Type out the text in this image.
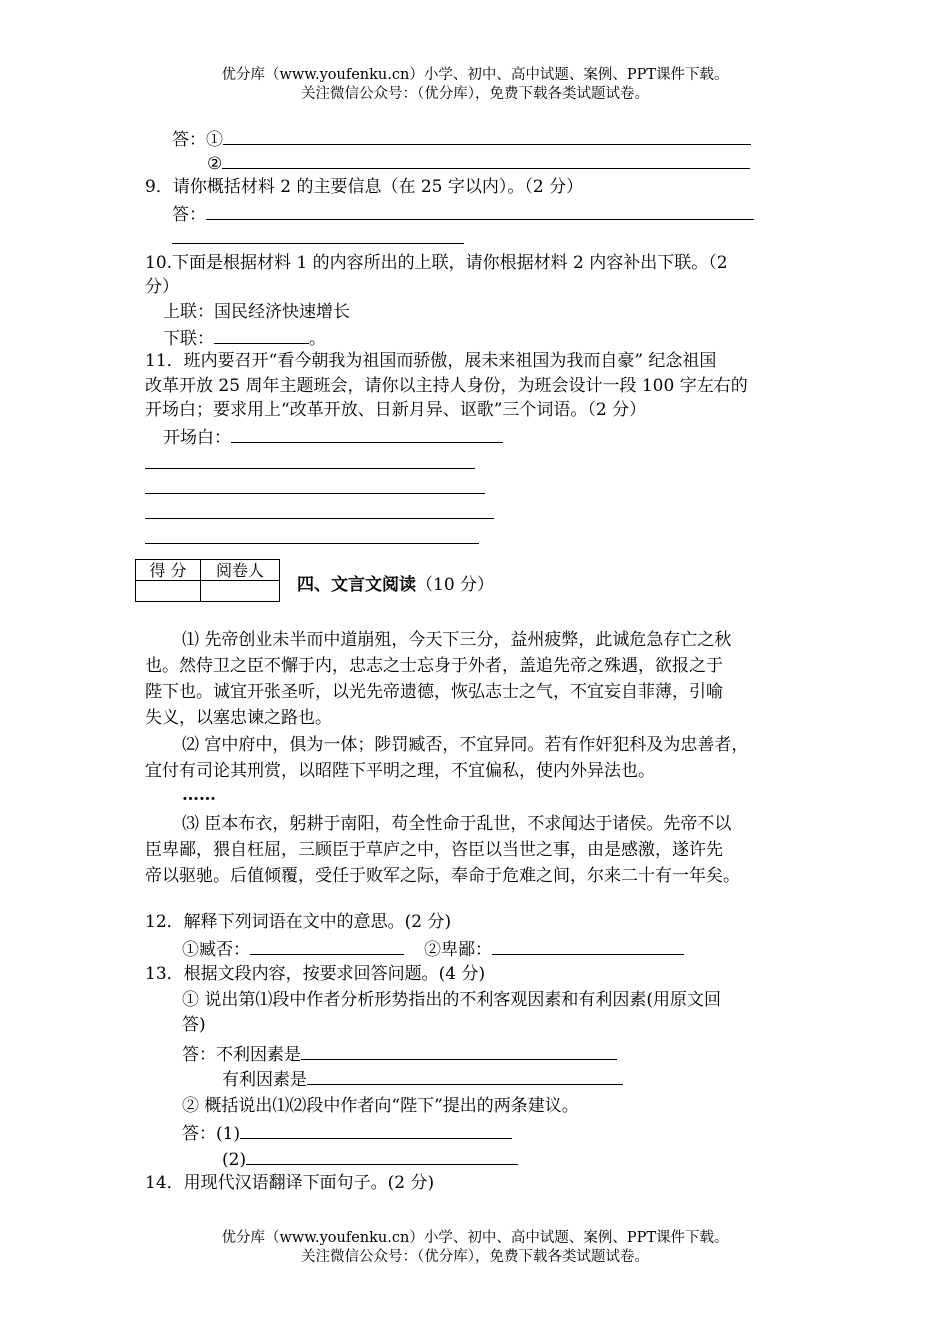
优分库（www.youfenku.cn）小学、初中、高中试题、案例、PPT课件下载。
关注微信公众号：（优分库），免费下载各类试题试卷。
答：①
②
9．请你概括材料 2 的主要信息（在 25 字以内）。（2 分）
答：
10.下面是根据材料 1 的内容所出的上联，请你根据材料 2 内容补出下联。（2
分）
上联：国民经济快速增长
下联：	。
11．班内要召开“看今朝我为祖国而骄傲，展未来祖国为我而自豪” 纪念祖国
改革开放 25 周年主题班会，请你以主持人身份，为班会设计一段 100 字左右的
开场白；要求用上“改革开放、日新月异、讴歌”三个词语。（2 分）
开场白：
得 分	阅卷人

四、文言文阅读（10 分）
⑴ 先帝创业未半而中道崩殂，今天下三分，益州疲弊，此诚危急存亡之秋
也。然侍卫之臣不懈于内，忠志之士忘身于外者，盖追先帝之殊遇，欲报之于
陛下也。诚宜开张圣听，以光先帝遗德，恢弘志士之气，不宜妄自菲薄，引喻
失义，以塞忠谏之路也。
⑵ 宫中府中，俱为一体；陟罚臧否，不宜异同。若有作奸犯科及为忠善者，
宜付有司论其刑赏，以昭陛下平明之理，不宜偏私，使内外异法也。
……
⑶ 臣本布衣，躬耕于南阳，苟全性命于乱世，不求闻达于诸侯。先帝不以
臣卑鄙，猥自枉屈，三顾臣于草庐之中，咨臣以当世之事，由是感激，遂许先
帝以驱驰。后值倾覆，受任于败军之际，奉命于危难之间，尔来二十有一年矣。
12．解释下列词语在文中的意思。(2 分)
①臧否：	②卑鄙：
13．根据文段内容，按要求回答问题。(4 分)
① 说出第⑴段中作者分析形势指出的不利客观因素和有利因素(用原文回
答)
答：不利因素是
有利因素是
② 概括说出⑴⑵段中作者向“陛下”提出的两条建议。
答：(1)
(2)
14．用现代汉语翻译下面句子。(2 分)
优分库（www.youfenku.cn）小学、初中、高中试题、案例、PPT课件下载。
关注微信公众号：（优分库），免费下载各类试题试卷。
